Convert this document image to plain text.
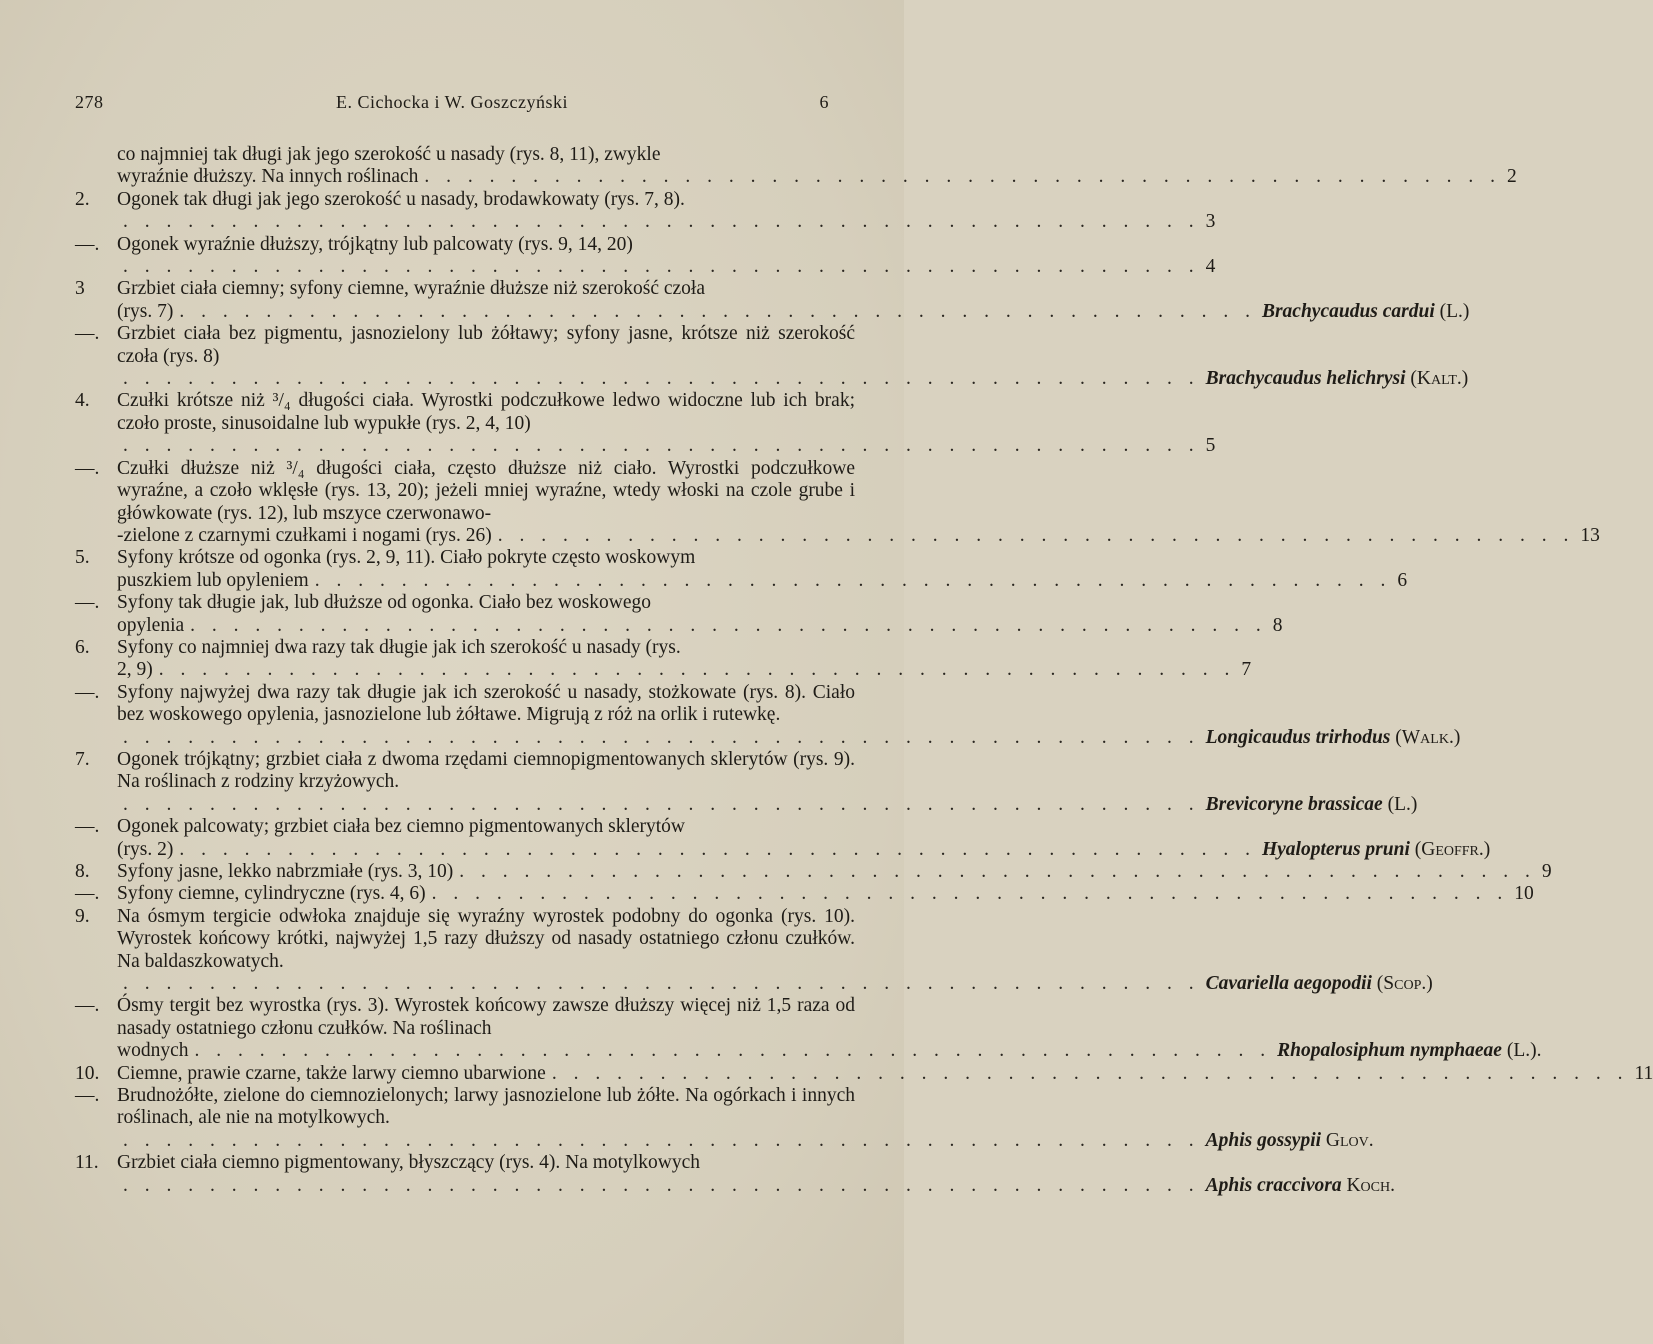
278	E. Cichocka i W. Goszczyński	6
co najmniej tak długi jak jego szerokość u nasady (rys. 8, 11), zwykle
wyraźnie dłuższy. Na innych roślinach . . . . . . . . . . . . . . . . . . . . . . . . . . . . . . . . . . . . . . . . . . . . . . . . . . 2
2. Ogonek tak długi jak jego szerokość u nasady, brodawkowaty (rys. 7, 8).
. . . . . . . . . . . . . . . . . . . . . . . . . . . . . . . . . . . . . . . . . . . . . . . . . . 3
—. Ogonek wyraźnie dłuższy, trójkątny lub palcowaty (rys. 9, 14, 20)
. . . . . . . . . . . . . . . . . . . . . . . . . . . . . . . . . . . . . . . . . . . . . . . . . . 4
3 Grzbiet ciała ciemny; syfony ciemne, wyraźnie dłuższe niż szerokość czoła
(rys. 7) . . . . . . . . . . . . . . . . . . . . . . . . . . . . . . . . . . . . . . . . . . . . . . . . . . Brachycaudus cardui (L.)
—. Grzbiet ciała bez pigmentu, jasnozielony lub żółtawy; syfony jasne, krótsze niż szerokość czoła (rys. 8)
. . . . . . . . . . . . . . . . . . . . . . . . . . . . . . . . . . . . . . . . . . . . . . . . . . Brachycaudus helichrysi (Kalt.)
4. Czułki krótsze niż ³/₄ długości ciała. Wyrostki podczułkowe ledwo widoczne lub ich brak; czoło proste, sinusoidalne lub wypukłe (rys. 2, 4, 10)
. . . . . . . . . . . . . . . . . . . . . . . . . . . . . . . . . . . . . . . . . . . . . . . . . . 5
—. Czułki dłuższe niż ³/₄ długości ciała, często dłuższe niż ciało. Wyrostki podczułkowe wyraźne, a czoło wklęsłe (rys. 13, 20); jeżeli mniej wyraźne, wtedy włoski na czole grube i główkowate (rys. 12), lub mszyce czerwonawo-
-zielone z czarnymi czułkami i nogami (rys. 26) . . . . . . . . . . . . . . . . . . . . . . . . . . . . . . . . . . . . . . . . . . . . . . . . . . 13
5. Syfony krótsze od ogonka (rys. 2, 9, 11). Ciało pokryte często woskowym
puszkiem lub opyleniem . . . . . . . . . . . . . . . . . . . . . . . . . . . . . . . . . . . . . . . . . . . . . . . . . . 6
—. Syfony tak długie jak, lub dłuższe od ogonka. Ciało bez woskowego
opylenia . . . . . . . . . . . . . . . . . . . . . . . . . . . . . . . . . . . . . . . . . . . . . . . . . . 8
6. Syfony co najmniej dwa razy tak długie jak ich szerokość u nasady (rys.
2, 9) . . . . . . . . . . . . . . . . . . . . . . . . . . . . . . . . . . . . . . . . . . . . . . . . . . 7
—. Syfony najwyżej dwa razy tak długie jak ich szerokość u nasady, stożkowate (rys. 8). Ciało bez woskowego opylenia, jasnozielone lub żółtawe. Migrują z róż na orlik i rutewkę.
. . . . . . . . . . . . . . . . . . . . . . . . . . . . . . . . . . . . . . . . . . . . . . . . . . Longicaudus trirhodus (Walk.)
7. Ogonek trójkątny; grzbiet ciała z dwoma rzędami ciemnopigmentowanych sklerytów (rys. 9). Na roślinach z rodziny krzyżowych.
. . . . . . . . . . . . . . . . . . . . . . . . . . . . . . . . . . . . . . . . . . . . . . . . . . Brevicoryne brassicae (L.)
—. Ogonek palcowaty; grzbiet ciała bez ciemno pigmentowanych sklerytów
(rys. 2) . . . . . . . . . . . . . . . . . . . . . . . . . . . . . . . . . . . . . . . . . . . . . . . . . . Hyalopterus pruni (Geoffr.)
8. Syfony jasne, lekko nabrzmiałe (rys. 3, 10) . . . . . . . . . . . . . . . . . . . . . . . . . . . . . . . . . . . . . . . . . . . . . . . . . . 9
—. Syfony ciemne, cylindryczne (rys. 4, 6) . . . . . . . . . . . . . . . . . . . . . . . . . . . . . . . . . . . . . . . . . . . . . . . . . . 10
9. Na ósmym tergicie odwłoka znajduje się wyraźny wyrostek podobny do ogonka (rys. 10). Wyrostek końcowy krótki, najwyżej 1,5 razy dłuższy od nasady ostatniego członu czułków. Na baldaszkowatych.
. . . . . . . . . . . . . . . . . . . . . . . . . . . . . . . . . . . . . . . . . . . . . . . . . . Cavariella aegopodii (Scop.)
—. Ósmy tergit bez wyrostka (rys. 3). Wyrostek końcowy zawsze dłuższy więcej niż 1,5 raza od nasady ostatniego członu czułków. Na roślinach
wodnych . . . . . . . . . . . . . . . . . . . . . . . . . . . . . . . . . . . . . . . . . . . . . . . . . . Rhopalosiphum nymphaeae (L.).
10. Ciemne, prawie czarne, także larwy ciemno ubarwione . . . . . . . . . . . . . . . . . . . . . . . . . . . . . . . . . . . . . . . . . . . . . . . . . . 11
—. Brudnożółte, zielone do ciemnozielonych; larwy jasnozielone lub żółte. Na ogórkach i innych roślinach, ale nie na motylkowych.
. . . . . . . . . . . . . . . . . . . . . . . . . . . . . . . . . . . . . . . . . . . . . . . . . . Aphis gossypii Glov.
11. Grzbiet ciała ciemno pigmentowany, błyszczący (rys. 4). Na motylkowych
. . . . . . . . . . . . . . . . . . . . . . . . . . . . . . . . . . . . . . . . . . . . . . . . . . Aphis craccivora Koch.
